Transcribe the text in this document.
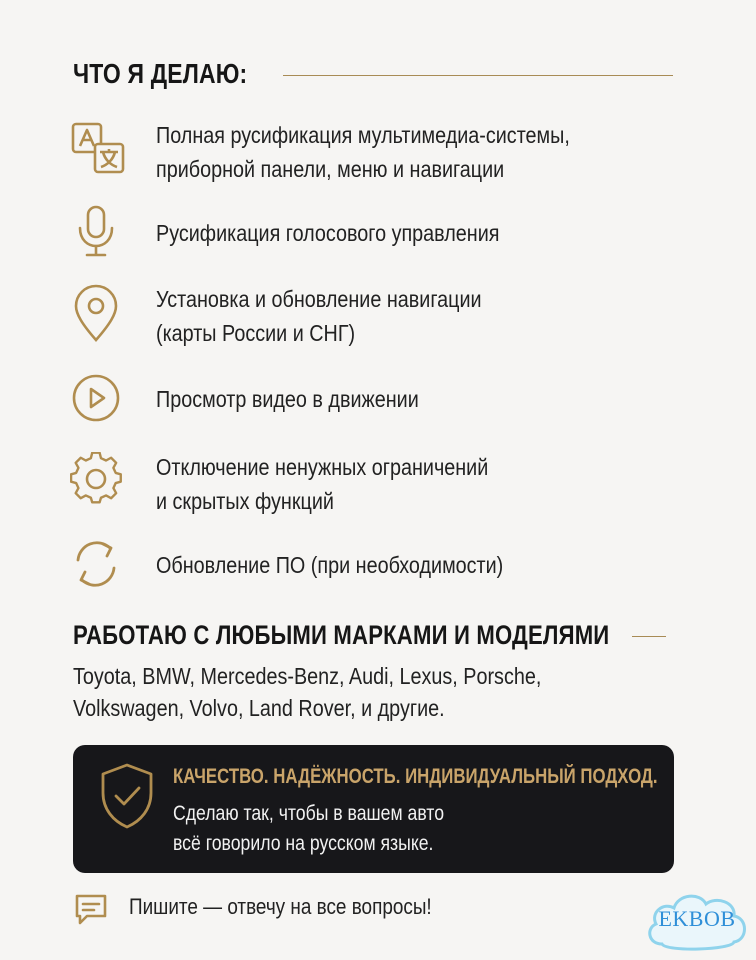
ЧТО Я ДЕЛАЮ:
Полная русификация мультимедиа-системы,
приборной панели, меню и навигации
Русификация голосового управления
Установка и обновление навигации
(карты России и СНГ)
Просмотр видео в движении
Отключение ненужных ограничений
и скрытых функций
Обновление ПО (при необходимости)
РАБОТАЮ С ЛЮБЫМИ МАРКАМИ И МОДЕЛЯМИ
Toyota, BMW, Mercedes-Benz, Audi, Lexus, Porsche,
Volkswagen, Volvo, Land Rover, и другие.
КАЧЕСТВО. НАДЁЖНОСТЬ. ИНДИВИДУАЛЬНЫЙ ПОДХОД.
Сделаю так, чтобы в вашем авто
всё говорило на русском языке.
Пишите — отвечу на все вопросы!	EKBOB
